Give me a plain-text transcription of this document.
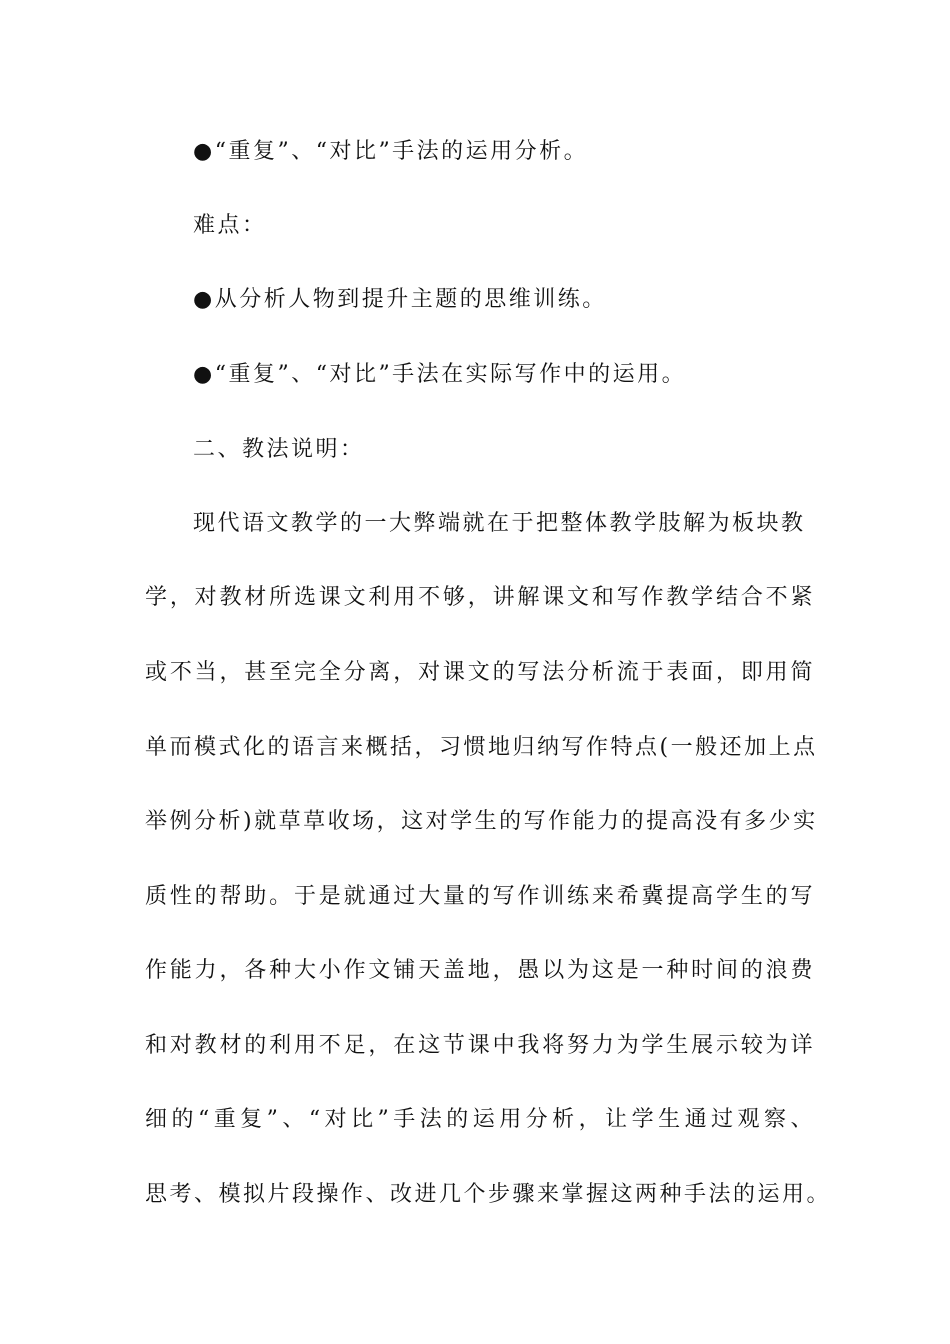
●“重复”、“对比”手法的运用分析。
难点：
●从分析人物到提升主题的思维训练。
●“重复”、“对比”手法在实际写作中的运用。
二、教法说明：
现代语文教学的一大弊端就在于把整体教学肢解为板块教
学，对教材所选课文利用不够，讲解课文和写作教学结合不紧
或不当，甚至完全分离，对课文的写法分析流于表面，即用简
单而模式化的语言来概括，习惯地归纳写作特点(一般还加上点
举例分析)就草草收场，这对学生的写作能力的提高没有多少实
质性的帮助。于是就通过大量的写作训练来希冀提高学生的写
作能力，各种大小作文铺天盖地，愚以为这是一种时间的浪费
和对教材的利用不足，在这节课中我将努力为学生展示较为详
细的“重复”、“对比”手法的运用分析，让学生通过观察、
思考、模拟片段操作、改进几个步骤来掌握这两种手法的运用。
